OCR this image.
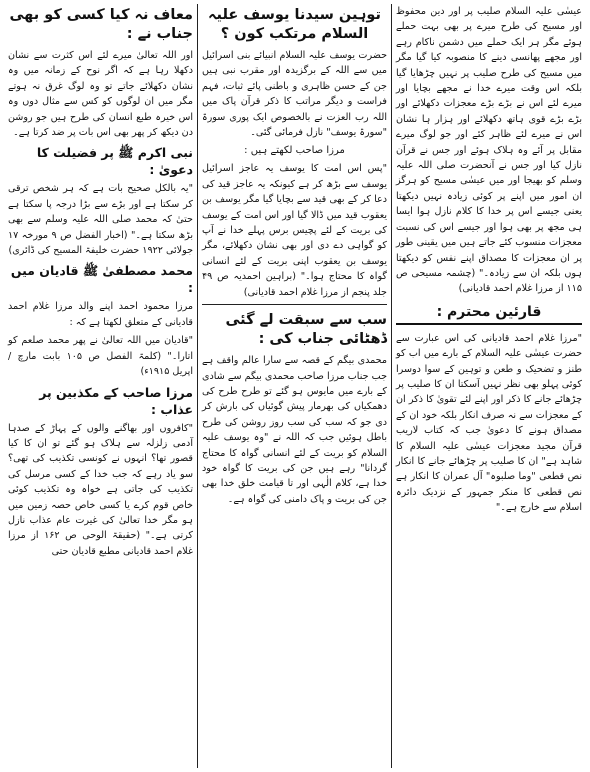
عیسٰی علیہ السلام صلیب پر اور دین محفوظ اور مسیح کی طرح میرے پر بھی بہت حملے ہوئے مگر ہر ایک حملے میں دشمن ناکام رہے اور مجھے پھانسی دینے کا منصوبہ کیا گیا مگر میں مسیح کی طرح صلیب پر نہیں چڑھایا گیا بلکہ اس وقت میرے خدا نے مجھے بچایا اور میرے لئے اس نے بڑے بڑے معجزات دکھلائے اور بڑے بڑے قوی ہاتھ دکھلائے اور ہزار ہا نشان اس نے میرے لئے ظاہر کئے اور جو لوگ میرے مقابل پر آئے وہ ہلاک ہوئے اور جس نے قرآن نازل کیا اور جس نے آنحضرت صلی اللہ علیہ وسلم کو بھیجا اور میں عیسٰی مسیح کو ہرگز ان امور میں اپنے پر کوئی زیادہ نہیں دیکھتا یعنی جیسے اس پر خدا کا کلام نازل ہوا ایسا ہی مجھ پر بھی ہوا اور جیسے اس کی نسبت معجزات منسوب کئے جاتے ہیں میں یقینی طور پر ان معجزات کا مصداق اپنے نفس کو دیکھتا ہوں بلکہ ان سے زیادہ۔" (چشمہ مسیحی ص ۱۱۵ از مرزا غلام احمد قادیانی)

قارئین محترم :

"مرزا غلام احمد قادیانی کی اس عبارت سے حضرت عیسٰی علیہ السلام کے بارے میں اب کو طنز و تضحیک و طعن و توہین کے سوا دوسرا کوئی پہلو بھی نظر نہیں آسکتا ان کا صلیب پر چڑھائے جانے کا ذکر اور اپنے لئے تقویٰ کا ذکر ان کے معجزات سے نہ صرف انکار بلکہ خود ان کے مصداق ہونے کا دعویٰ جب کہ کتاب لاریب قرآن مجید معجزات عیسٰی علیہ السلام کا شاہد ہے" ان کا صلیب پر چڑھائے جانے کا انکار نص قطعی "وما صلبوہ" آل عمران کا انکار ہے نص قطعی کا منکر جمہور کے نزدیک دائرہ اسلام سے خارج ہے۔"

توہین سیدنا یوسف علیہ السلام مرتکب کون ؟

حضرت یوسف علیہ السلام انبیائے بنی اسرائیل میں سے اللہ کے برگزیدہ اور مقرب نبی ہیں جن کے حسن ظاہری و باطنی پائے ثبات، فہم فراست و دیگر مراتب کا ذکر قرآن پاک میں اللہ رب العزت نے بالخصوص ایک پوری سورۃ "سورۃ یوسف" نازل فرمائی گئی۔

مرزا صاحب لکھتے ہیں :

"پس اس امت کا یوسف یہ عاجز اسرائیل یوسف سے بڑھ کر ہے کیونکہ یہ عاجز قید کی دعا کر کے بھی قید سے بچایا گیا مگر یوسف بن یعقوب قید میں ڈالا گیا اور اس امت کے یوسف کی بریت کے لئے پچیس برس پہلے خدا نے آپ کو گواہی دے دی اور بھی نشان دکھلائے، مگر یوسف بن یعقوب اپنی بریت کے لئے انسانی گواہ کا محتاج ہوا۔" (براہین احمدیہ ص ۴۹ جلد پنجم از مرزا غلام احمد قادیانی)

سب سے سبقت لے گئی ڈھٹائی جناب کی :

محمدی بیگم کے قصہ سے سارا عالم واقف ہے جب جناب مرزا صاحب محمدی بیگم سے شادی کے بارے میں مایوس ہو گئے تو طرح طرح کی دھمکیاں کی بھرمار پیش گوئیاں کی بارش کر دی جو کہ سب کی سب روز روشن کی طرح باطل ہوئیں جب کہ اللہ نے "وہ یوسف علیہ السلام کو بریت کے لئے انسانی گواہ کا محتاج گردانا" رہے ہیں جن کی بریت کا گواہ خود خدا ہے، کلام الٰہی اور تا قیامت خلق خدا بھی جن کی بریت و پاک دامنی کی گواہ ہے۔

معاف نہ کیا کسی کو بھی جناب نے :

اور اللہ تعالیٰ میرے لئے اس کثرت سے نشان دکھلا رہا ہے کہ اگر نوح کے زمانہ میں وہ نشان دکھلائے جاتے تو وہ لوگ غرق نہ ہوتے مگر میں ان لوگوں کو کس سے مثال دوں وہ اس خیرہ طبع انسان کی طرح ہیں جو روشن دن دیکھ کر پھر بھی اس بات پر ضد کرتا ہے۔

نبی اکرم ﷺ پر فضیلت کا دعویٰ :

"یہ بالکل صحیح بات ہے کہ ہر شخص ترقی کر سکتا ہے اور بڑے سے بڑا درجہ پا سکتا ہے حتیٰ کہ محمد صلی اللہ علیہ وسلم سے بھی بڑھ سکتا ہے۔" (اخبار الفضل ص ۹ مورخہ ۱۷ جولائی ۱۹۲۲ حضرت خلیفۃ المسیح کی ڈائری)

محمد مصطفیٰ ﷺ قادیان میں :

مرزا محمود احمد اپنے والد مرزا غلام احمد قادیانی کے متعلق لکھتا ہے کہ :

"قادیان میں اللہ تعالیٰ نے پھر محمد صلعم کو اتارا۔" (کلمۃ الفصل ص ۱۰۵ بابت مارچ / اپریل ۱۹۱۵ء)

مرزا صاحب کے مکذبین پر عذاب :

"کافروں اور بھاگنے والوں کے پہاڑ کے صدہا آدمی زلزلہ سے ہلاک ہو گئے تو ان کا کیا قصور تھا؟ انہوں نے کونسی تکذیب کی تھی؟ سو یاد رہے کہ جب خدا کے کسی مرسل کی تکذیب کی جاتی ہے خواہ وہ تکذیب کوئی خاص قوم کرے یا کسی خاص حصہ زمین میں ہو مگر خدا تعالیٰ کی غیرت عام عذاب نازل کرتی ہے۔" (حقیقۃ الوحی ص ۱۶۲ از مرزا غلام احمد قادیانی مطبع قادیان حتی
